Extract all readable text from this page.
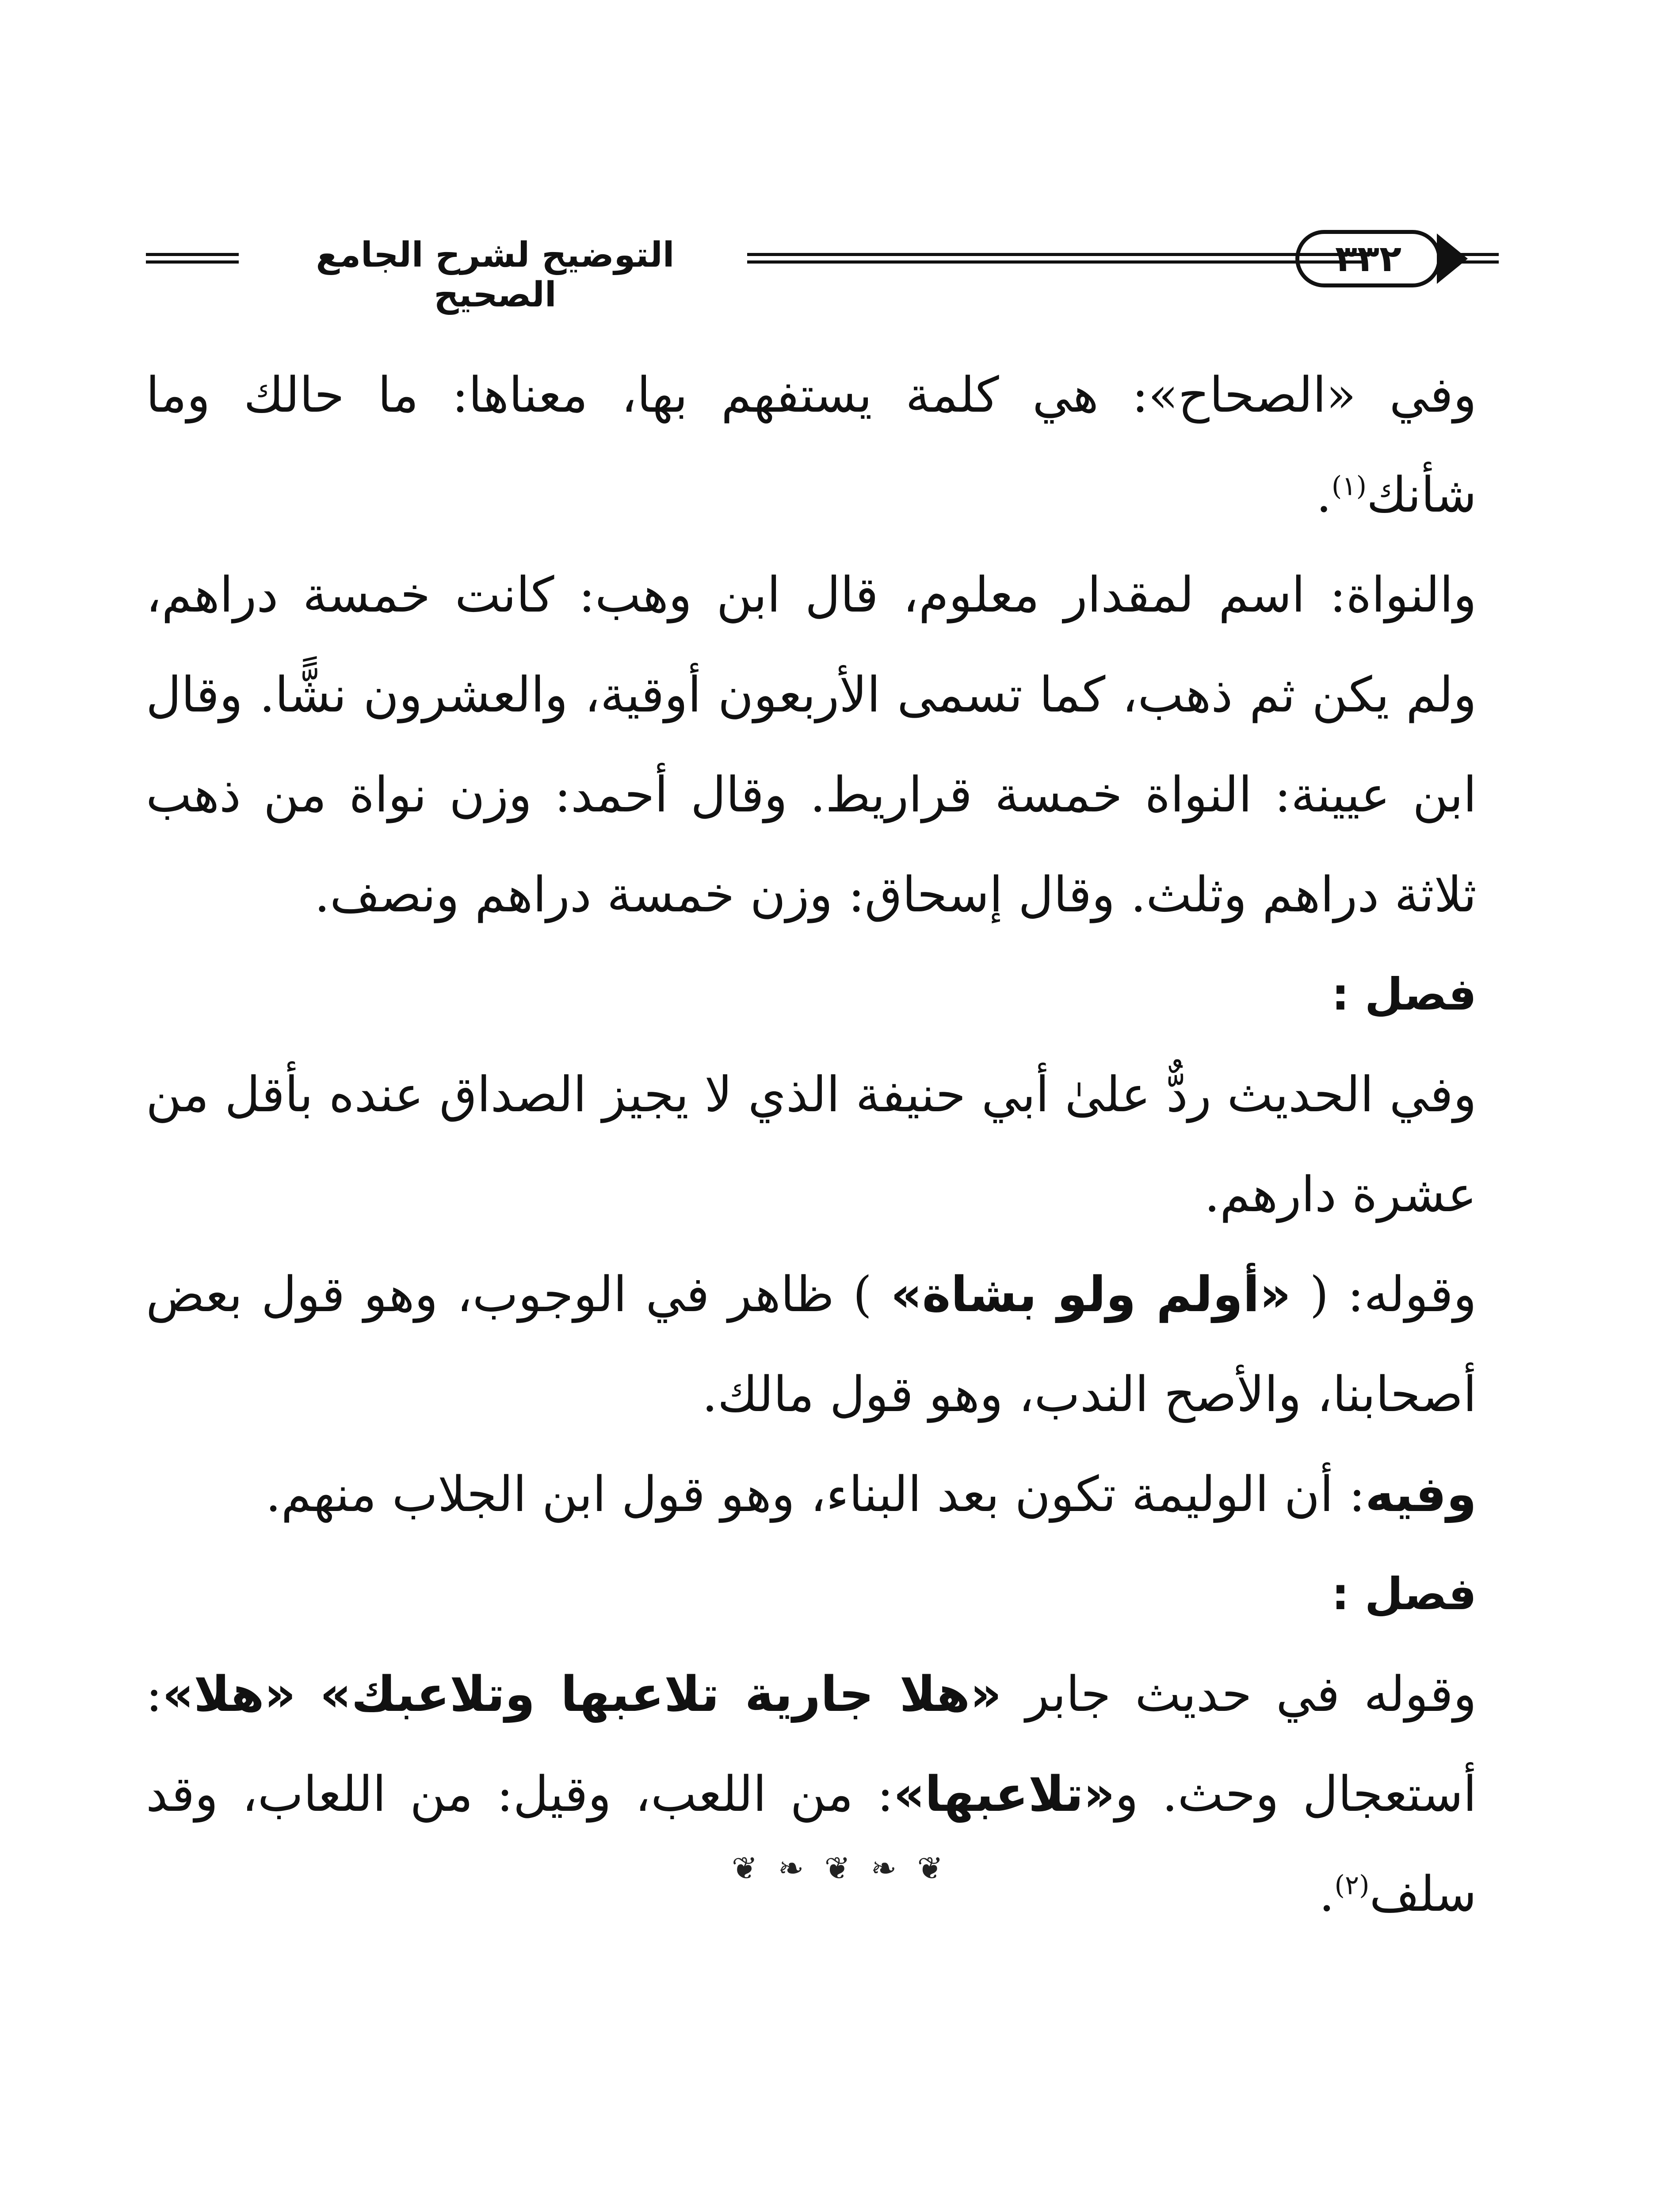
التوضيح لشرح الجامع الصحيح
٣٣٢

وفي «الصحاح»: هي كلمة يستفهم بها، معناها: ما حالك وما شأنك$^{(١)}$.

والنواة: اسم لمقدار معلوم، قال ابن وهب: كانت خمسة دراهم، ولم يكن ثم ذهب، كما تسمى الأربعون أوقية، والعشرون نشًّا. وقال ابن عيينة: النواة خمسة قراريط. وقال أحمد: وزن نواة من ذهب ثلاثة دراهم وثلث. وقال إسحاق: وزن خمسة دراهم ونصف.

فصل :

وفي الحديث ردٌّ علىٰ أبي حنيفة الذي لا يجيز الصداق عنده بأقل من عشرة دارهم.

وقوله: ( «أولم ولو بشاة» ) ظاهر في الوجوب، وهو قول بعض أصحابنا، والأصح الندب، وهو قول مالك.

وفيه: أن الوليمة تكون بعد البناء، وهو قول ابن الجلاب منهم.

فصل :

وقوله في حديث جابر «هلا جارية تلاعبها وتلاعبك» «هلا»: أستعجال وحث. و«تلاعبها»: من اللعب، وقيل: من اللعاب، وقد سلف$^{(٢)}$.

❦ ❧ ❦ ❧ ❦
